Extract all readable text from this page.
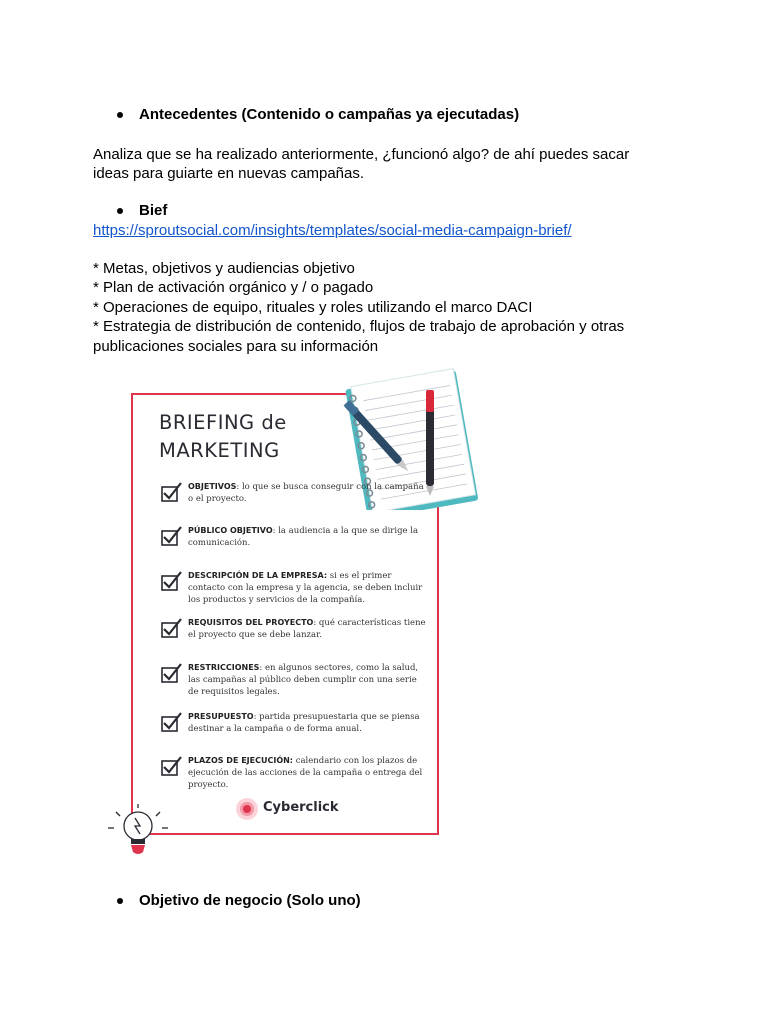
Antecedentes (Contenido o campañas ya ejecutadas)
Analiza que se ha realizado anteriormente, ¿funcionó algo? de ahí puedes sacar
ideas para guiarte en nuevas campañas.
Bief
https://sproutsocial.com/insights/templates/social-media-campaign-brief/
* Metas, objetivos y audiencias objetivo
* Plan de activación orgánico y / o pagado
* Operaciones de equipo, rituales y roles utilizando el marco DACI
* Estrategia de distribución de contenido, flujos de trabajo de aprobación y otras
publicaciones sociales para su información
BRIEFING de
MARKETING
OBJETIVOS: lo que se busca conseguir con la campaña o el proyecto.
PÚBLICO OBJETIVO: la audiencia a la que se dirige la comunicación.
DESCRIPCIÓN DE LA EMPRESA: si es el primer contacto con la empresa y la agencia, se deben incluir los productos y servicios de la compañía.
REQUISITOS DEL PROYECTO: qué características tiene el proyecto que se debe lanzar.
RESTRICCIONES: en algunos sectores, como la salud, las campañas al público deben cumplir con una serie de requisitos legales.
PRESUPUESTO: partida presupuestaria que se piensa destinar a la campaña o de forma anual.
PLAZOS DE EJECUCIÓN: calendario con los plazos de ejecución de las acciones de la campaña o entrega del proyecto.
Cyberclick
Objetivo de negocio (Solo uno)
